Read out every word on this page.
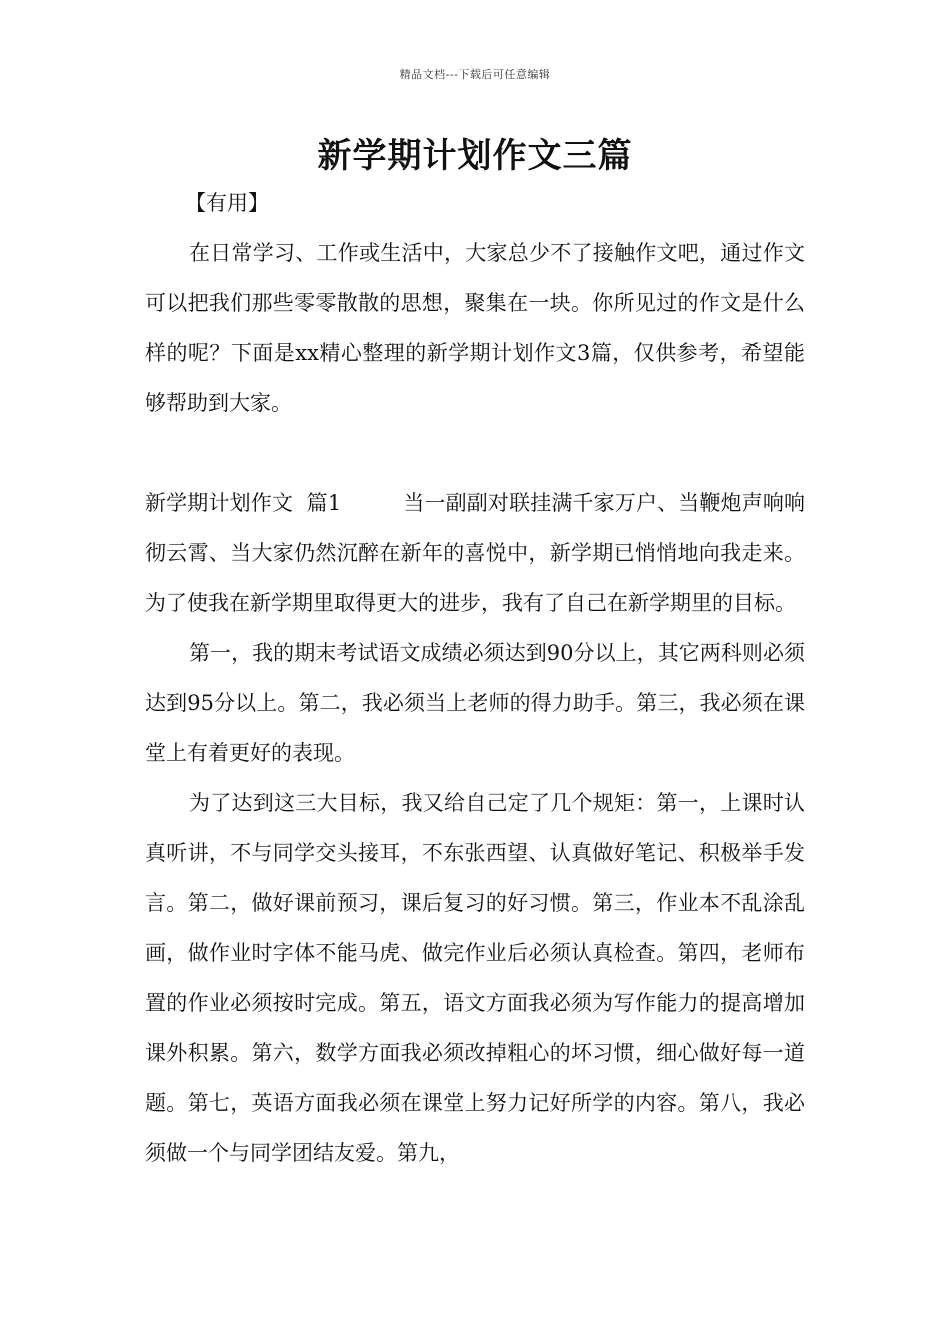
精品文档---下载后可任意编辑
新学期计划作文三篇

【有用】

在日常学习、工作或生活中，大家总少不了接触作文吧，通过作文可以把我们那些零零散散的思想，聚集在一块。你所见过的作文是什么样的呢？下面是xx精心整理的新学期计划作文3篇，仅供参考，希望能够帮助到大家。

新学期计划作文  篇1	当一副副对联挂满千家万户、当鞭炮声响响彻云霄、当大家仍然沉醉在新年的喜悦中，新学期已悄悄地向我走来。为了使我在新学期里取得更大的进步，我有了自己在新学期里的目标。

第一，我的期末考试语文成绩必须达到90分以上，其它两科则必须达到95分以上。第二，我必须当上老师的得力助手。第三，我必须在课堂上有着更好的表现。

为了达到这三大目标，我又给自己定了几个规矩：第一，上课时认真听讲，不与同学交头接耳，不东张西望、认真做好笔记、积极举手发言。第二，做好课前预习，课后复习的好习惯。第三，作业本不乱涂乱画，做作业时字体不能马虎、做完作业后必须认真检查。第四，老师布置的作业必须按时完成。第五，语文方面我必须为写作能力的提高增加课外积累。第六，数学方面我必须改掉粗心的坏习惯，细心做好每一道题。第七，英语方面我必须在课堂上努力记好所学的内容。第八，我必须做一个与同学团结友爱。第九，
